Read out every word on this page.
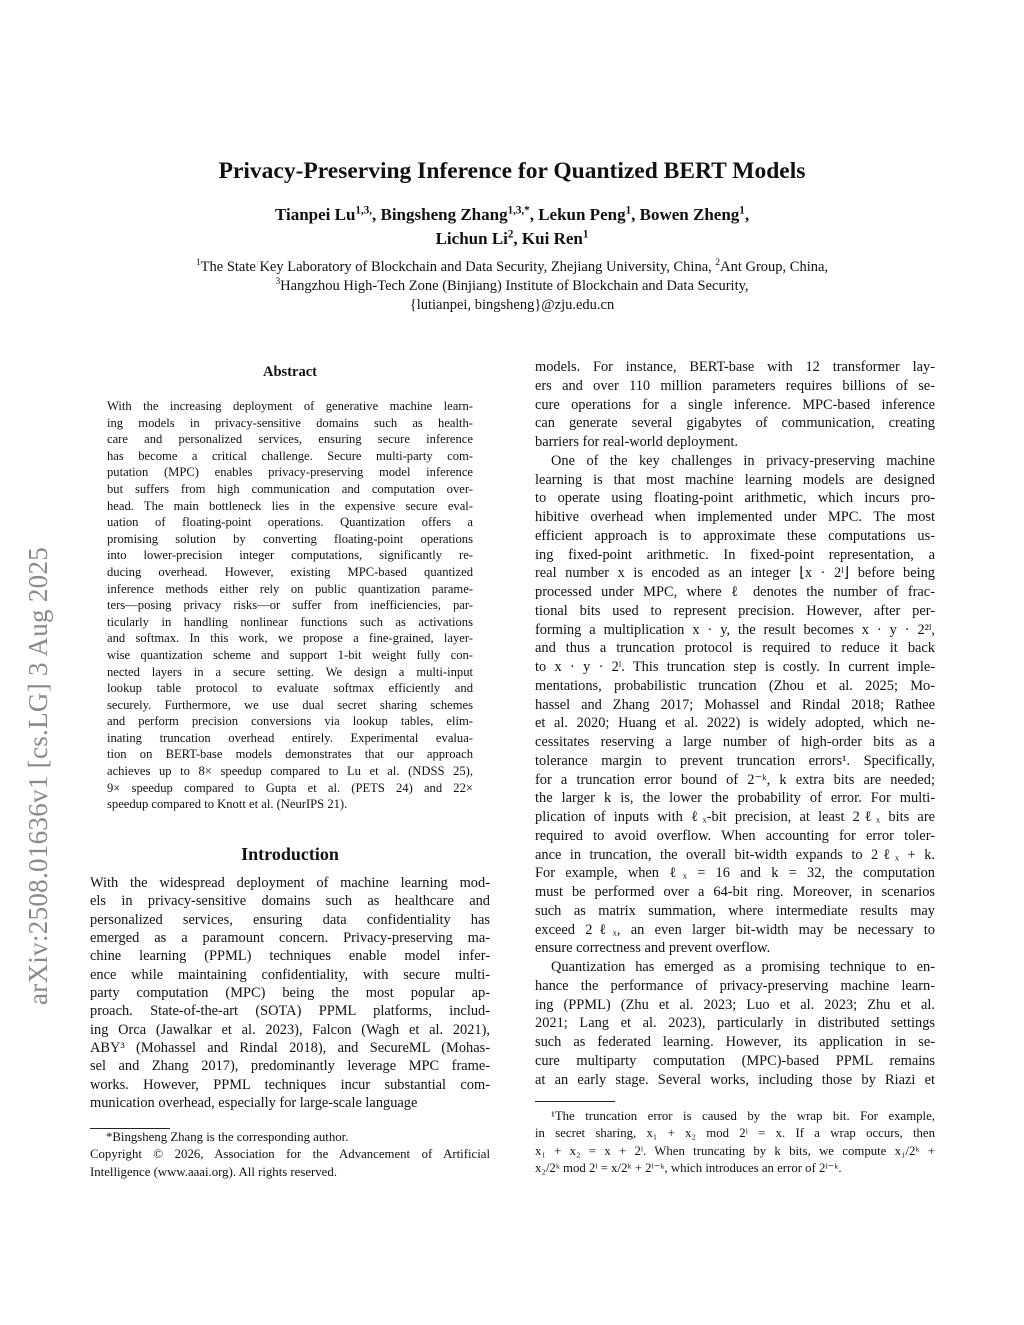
Privacy-Preserving Inference for Quantized BERT Models
Tianpei $Lu^{1,3,}$, Bingsheng Zhang$^{1,3,*}$, Lekun Peng$^1$, Bowen Zheng$^1$,
Lichun Li$^2$, Kui Ren$^1$
$^1$The State Key Laboratory of Blockchain and Data Security, Zhejiang University, China, $^2$Ant Group, China,
$^3$Hangzhou High-Tech Zone (Binjiang) Institute of Blockchain and Data Security,
{lutianpei, bingsheng}@zju.edu.cn
arXiv:2508.01636v1 [cs.LG] 3 Aug 2025
Abstract
With the increasing deployment of generative machine learn-
ing models in privacy-sensitive domains such as health-
care and personalized services, ensuring secure inference
has become a critical challenge. Secure multi-party com-
putation (MPC) enables privacy-preserving model inference
but suffers from high communication and computation over-
head. The main bottleneck lies in the expensive secure eval-
uation of floating-point operations. Quantization offers a
promising solution by converting floating-point operations
into lower-precision integer computations, significantly re-
ducing overhead. However, existing MPC-based quantized
inference methods either rely on public quantization parame-
ters—posing privacy risks—or suffer from inefficiencies, par-
ticularly in handling nonlinear functions such as activations
and softmax. In this work, we propose a fine-grained, layer-
wise quantization scheme and support 1-bit weight fully con-
nected layers in a secure setting. We design a multi-input
lookup table protocol to evaluate softmax efficiently and
securely. Furthermore, we use dual secret sharing schemes
and perform precision conversions via lookup tables, elim-
inating truncation overhead entirely. Experimental evalua-
tion on BERT-base models demonstrates that our approach
achieves up to 8× speedup compared to Lu et al. (NDSS 25),
9× speedup compared to Gupta et al. (PETS 24) and 22×
speedup compared to Knott et al. (NeurIPS 21).
Introduction
With the widespread deployment of machine learning mod-
els in privacy-sensitive domains such as healthcare and
personalized services, ensuring data confidentiality has
emerged as a paramount concern. Privacy-preserving ma-
chine learning (PPML) techniques enable model infer-
ence while maintaining confidentiality, with secure multi-
party computation (MPC) being the most popular ap-
proach. State-of-the-art (SOTA) PPML platforms, includ-
ing Orca (Jawalkar et al. 2023), Falcon (Wagh et al. 2021),
ABY³ (Mohassel and Rindal 2018), and SecureML (Mohas-
sel and Zhang 2017), predominantly leverage MPC frame-
works. However, PPML techniques incur substantial com-
munication overhead, especially for large-scale language
models. For instance, BERT-base with 12 transformer lay-
ers and over 110 million parameters requires billions of se-
cure operations for a single inference. MPC-based inference
can generate several gigabytes of communication, creating
barriers for real-world deployment.
One of the key challenges in privacy-preserving machine
learning is that most machine learning models are designed
to operate using floating-point arithmetic, which incurs pro-
hibitive overhead when implemented under MPC. The most
efficient approach is to approximate these computations us-
ing fixed-point arithmetic. In fixed-point representation, a
real number x is encoded as an integer ⌊x · 2ˡ⌋ before being
processed under MPC, where ℓ denotes the number of frac-
tional bits used to represent precision. However, after per-
forming a multiplication x · y, the result becomes x · y · 2²ˡ,
and thus a truncation protocol is required to reduce it back
to x · y · 2ˡ. This truncation step is costly. In current imple-
mentations, probabilistic truncation (Zhou et al. 2025; Mo-
hassel and Zhang 2017; Mohassel and Rindal 2018; Rathee
et al. 2020; Huang et al. 2022) is widely adopted, which ne-
cessitates reserving a large number of high-order bits as a
tolerance margin to prevent truncation errors¹. Specifically,
for a truncation error bound of 2⁻ᵏ, k extra bits are needed;
the larger k is, the lower the probability of error. For multi-
plication of inputs with ℓₓ-bit precision, at least 2ℓₓ bits are
required to avoid overflow. When accounting for error toler-
ance in truncation, the overall bit-width expands to 2ℓₓ + k.
For example, when ℓₓ = 16 and k = 32, the computation
must be performed over a 64-bit ring. Moreover, in scenarios
such as matrix summation, where intermediate results may
exceed 2ℓₓ, an even larger bit-width may be necessary to
ensure correctness and prevent overflow.
Quantization has emerged as a promising technique to en-
hance the performance of privacy-preserving machine learn-
ing (PPML) (Zhu et al. 2023; Luo et al. 2023; Zhu et al.
2021; Lang et al. 2023), particularly in distributed settings
such as federated learning. However, its application in se-
cure multiparty computation (MPC)-based PPML remains
at an early stage. Several works, including those by Riazi et
*Bingsheng Zhang is the corresponding author.
Copyright © 2026, Association for the Advancement of Artificial
Intelligence (www.aaai.org). All rights reserved.
¹The truncation error is caused by the wrap bit. For example,
in secret sharing, x₁ + x₂ mod 2ˡ = x. If a wrap occurs, then
x₁ + x₂ = x + 2ˡ. When truncating by k bits, we compute x₁/2ᵏ +
x₂/2ᵏ mod 2ˡ = x/2ᵏ + 2ˡ⁻ᵏ, which introduces an error of 2ˡ⁻ᵏ.
